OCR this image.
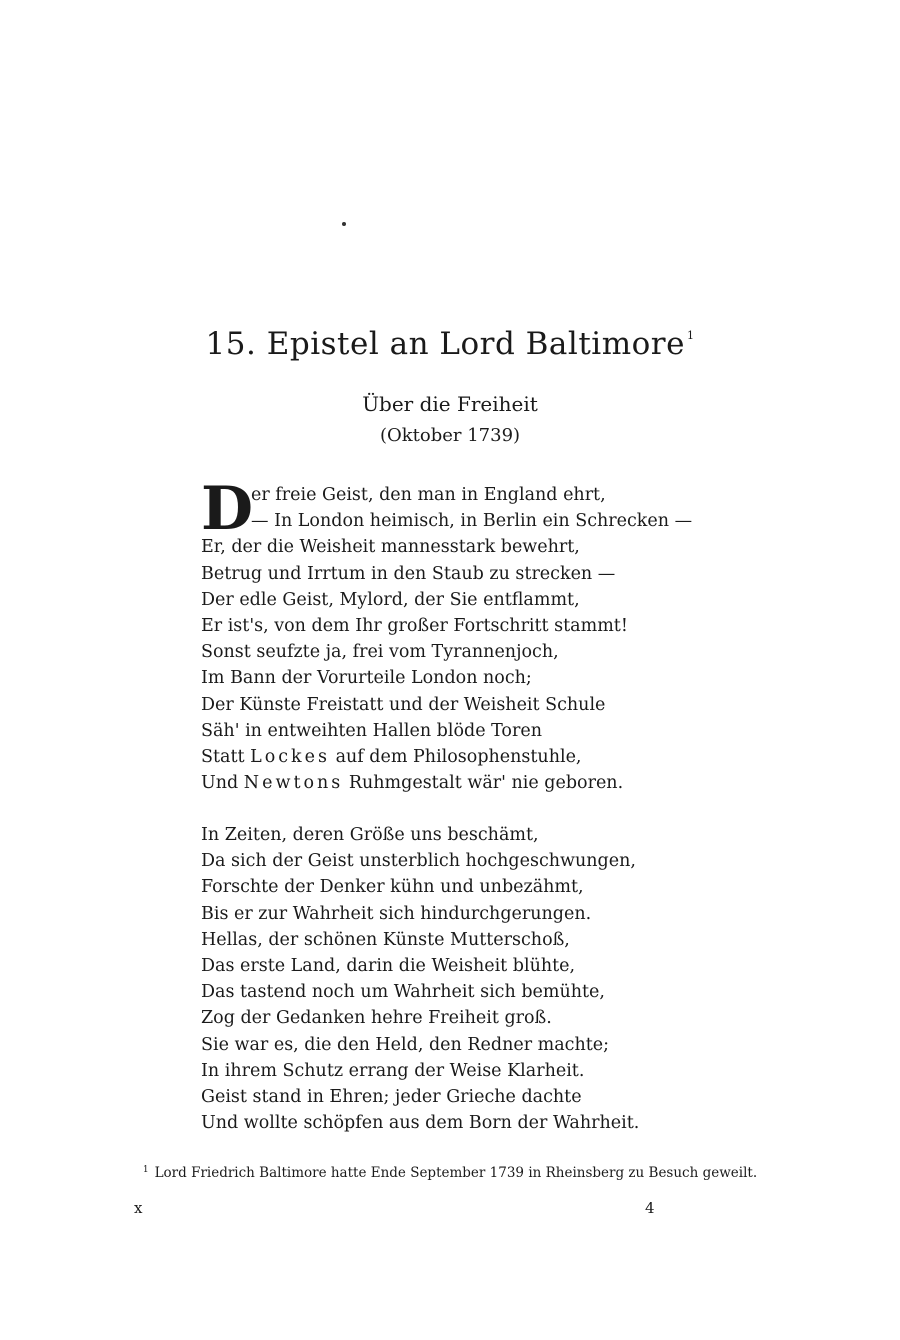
15. Epistel an Lord Baltimore $^1$
Über die Freiheit
(Oktober 1739)
D
er freie Geist, den man in England ehrt,
— In London heimisch, in Berlin ein Schrecken —
Er, der die Weisheit mannesstark bewehrt,
Betrug und Irrtum in den Staub zu strecken —
Der edle Geist, Mylord, der Sie entflammt,
Er ist's, von dem Ihr großer Fortschritt stammt!
Sonst seufzte ja, frei vom Tyrannenjoch,
Im Bann der Vorurteile London noch;
Der Künste Freistatt und der Weisheit Schule
Säh' in entweihten Hallen blöde Toren
Statt Lockes auf dem Philosophenstuhle,
Und Newtons Ruhmgestalt wär' nie geboren.
In Zeiten, deren Größe uns beschämt,
Da sich der Geist unsterblich hochgeschwungen,
Forschte der Denker kühn und unbezähmt,
Bis er zur Wahrheit sich hindurchgerungen.
Hellas, der schönen Künste Mutterschoß,
Das erste Land, darin die Weisheit blühte,
Das tastend noch um Wahrheit sich bemühte,
Zog der Gedanken hehre Freiheit groß.
Sie war es, die den Held, den Redner machte;
In ihrem Schutz errang der Weise Klarheit.
Geist stand in Ehren; jeder Grieche dachte
Und wollte schöpfen aus dem Born der Wahrheit.
$^1$ Lord Friedrich Baltimore hatte Ende September 1739 in Rheinsberg zu Besuch geweilt.
x	4
